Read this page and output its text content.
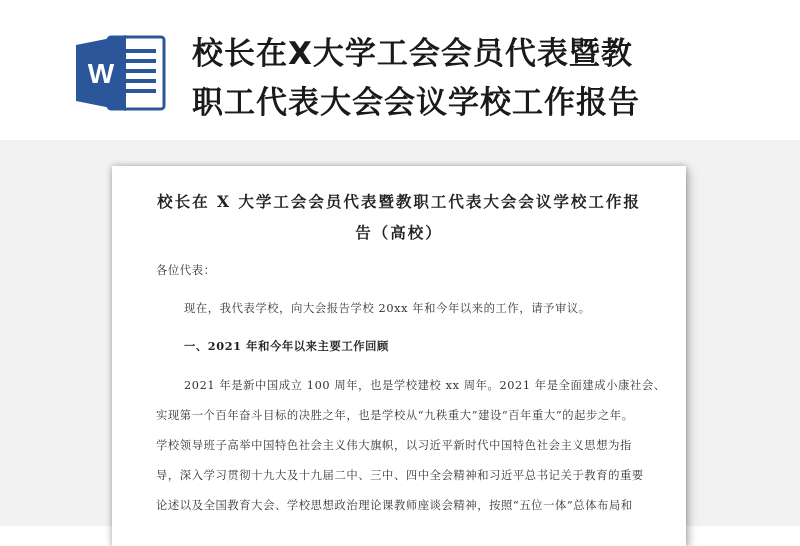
W
校长在X大学工会会员代表暨教
职工代表大会会议学校工作报告
校长在 X 大学工会会员代表暨教职工代表大会会议学校工作报
告（高校）
各位代表：
现在，我代表学校，向大会报告学校 20xx 年和今年以来的工作，请予审议。
一、2021 年和今年以来主要工作回顾
2021 年是新中国成立 100 周年，也是学校建校 xx 周年。2021 年是全面建成小康社会、
实现第一个百年奋斗目标的决胜之年，也是学校从“九秩重大”建设“百年重大”的起步之年。
学校领导班子高举中国特色社会主义伟大旗帜，以习近平新时代中国特色社会主义思想为指
导，深入学习贯彻十九大及十九届二中、三中、四中全会精神和习近平总书记关于教育的重要
论述以及全国教育大会、学校思想政治理论课教师座谈会精神，按照“五位一体”总体布局和
